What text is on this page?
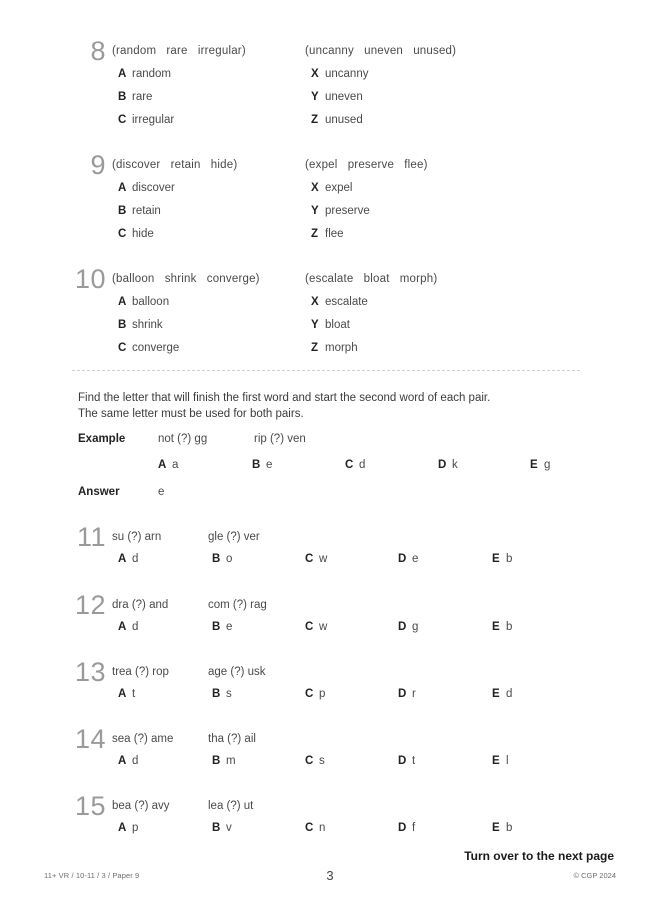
8 (random   rare   irregular)
A random
B rare
C irregular
(uncanny   uneven   unused)
X uncanny
Y uneven
Z unused
9 (discover   retain   hide)
A discover
B retain
C hide
(expel   preserve   flee)
X expel
Y preserve
Z flee
10 (balloon   shrink   converge)
A balloon
B shrink
C converge
(escalate   bloat   morph)
X escalate
Y bloat
Z morph
Find the letter that will finish the first word and start the second word of each pair.
The same letter must be used for both pairs.
Example	not (?) gg	rip (?) ven
A a	B e	C d	D k	E g
Answer	e
11 su (?) arn	gle (?) ver
A d	B o	C w	D e	E b
12 dra (?) and	com (?) rag
A d	B e	C w	D g	E b
13 trea (?) rop	age (?) usk
A t	B s	C p	D r	E d
14 sea (?) ame	tha (?) ail
A d	B m	C s	D t	E l
15 bea (?) avy	lea (?) ut
A p	B v	C n	D f	E b
Turn over to the next page
11+ VR / 10-11 / 3 / Paper 9	3	© CGP 2024
